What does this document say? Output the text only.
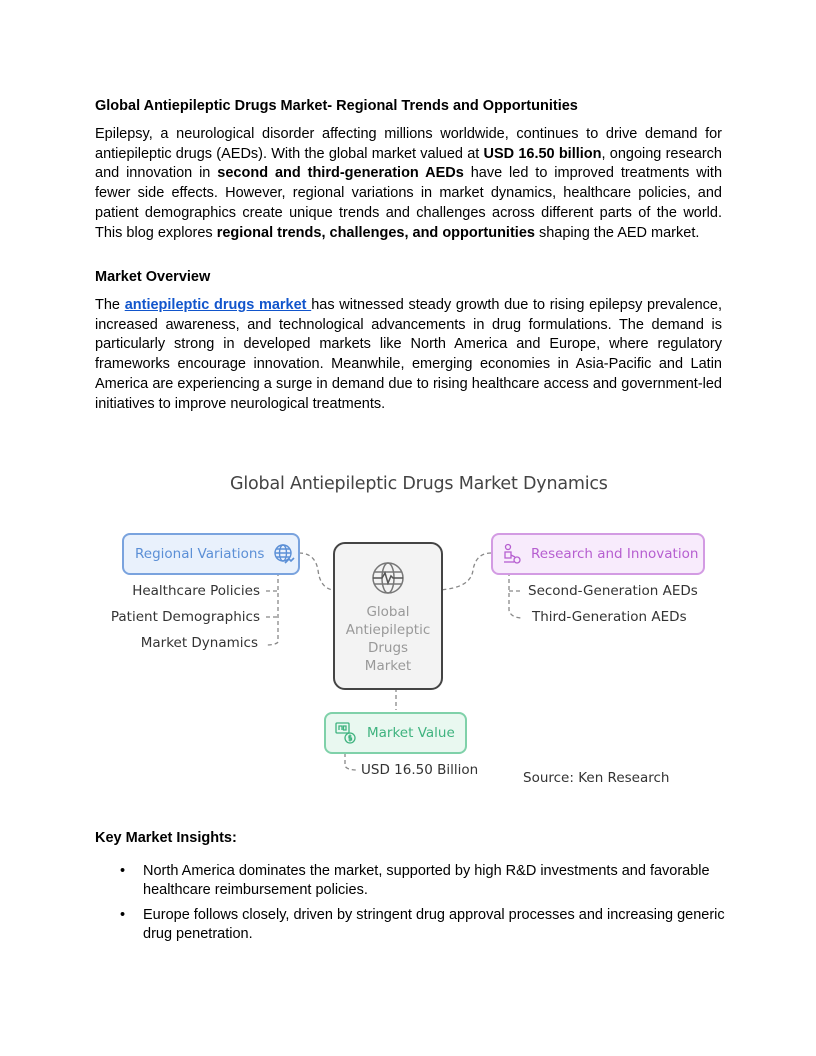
Global Antiepileptic Drugs Market- Regional Trends and Opportunities

Epilepsy, a neurological disorder affecting millions worldwide, continues to drive demand for antiepileptic drugs (AEDs). With the global market valued at USD 16.50 billion, ongoing research and innovation in second and third-generation AEDs have led to improved treatments with fewer side effects. However, regional variations in market dynamics, healthcare policies, and patient demographics create unique trends and challenges across different parts of the world. This blog explores regional trends, challenges, and opportunities shaping the AED market.

Market Overview

The antiepileptic drugs market has witnessed steady growth due to rising epilepsy prevalence, increased awareness, and technological advancements in drug formulations. The demand is particularly strong in developed markets like North America and Europe, where regulatory frameworks encourage innovation. Meanwhile, emerging economies in Asia-Pacific and Latin America are experiencing a surge in demand due to rising healthcare access and government-led initiatives to improve neurological treatments.

Global Antiepileptic Drugs Market Dynamics
Global
Antiepileptic
Drugs
Market
Regional Variations
Healthcare Policies
Patient Demographics
Market Dynamics
Research and Innovation
Second-Generation AEDs
Third-Generation AEDs
Market Value
USD 16.50 Billion	Source: Ken Research
Key Market Insights:
• North America dominates the market, supported by high R&D investments and favorable healthcare reimbursement policies.
• Europe follows closely, driven by stringent drug approval processes and increasing generic drug penetration.
